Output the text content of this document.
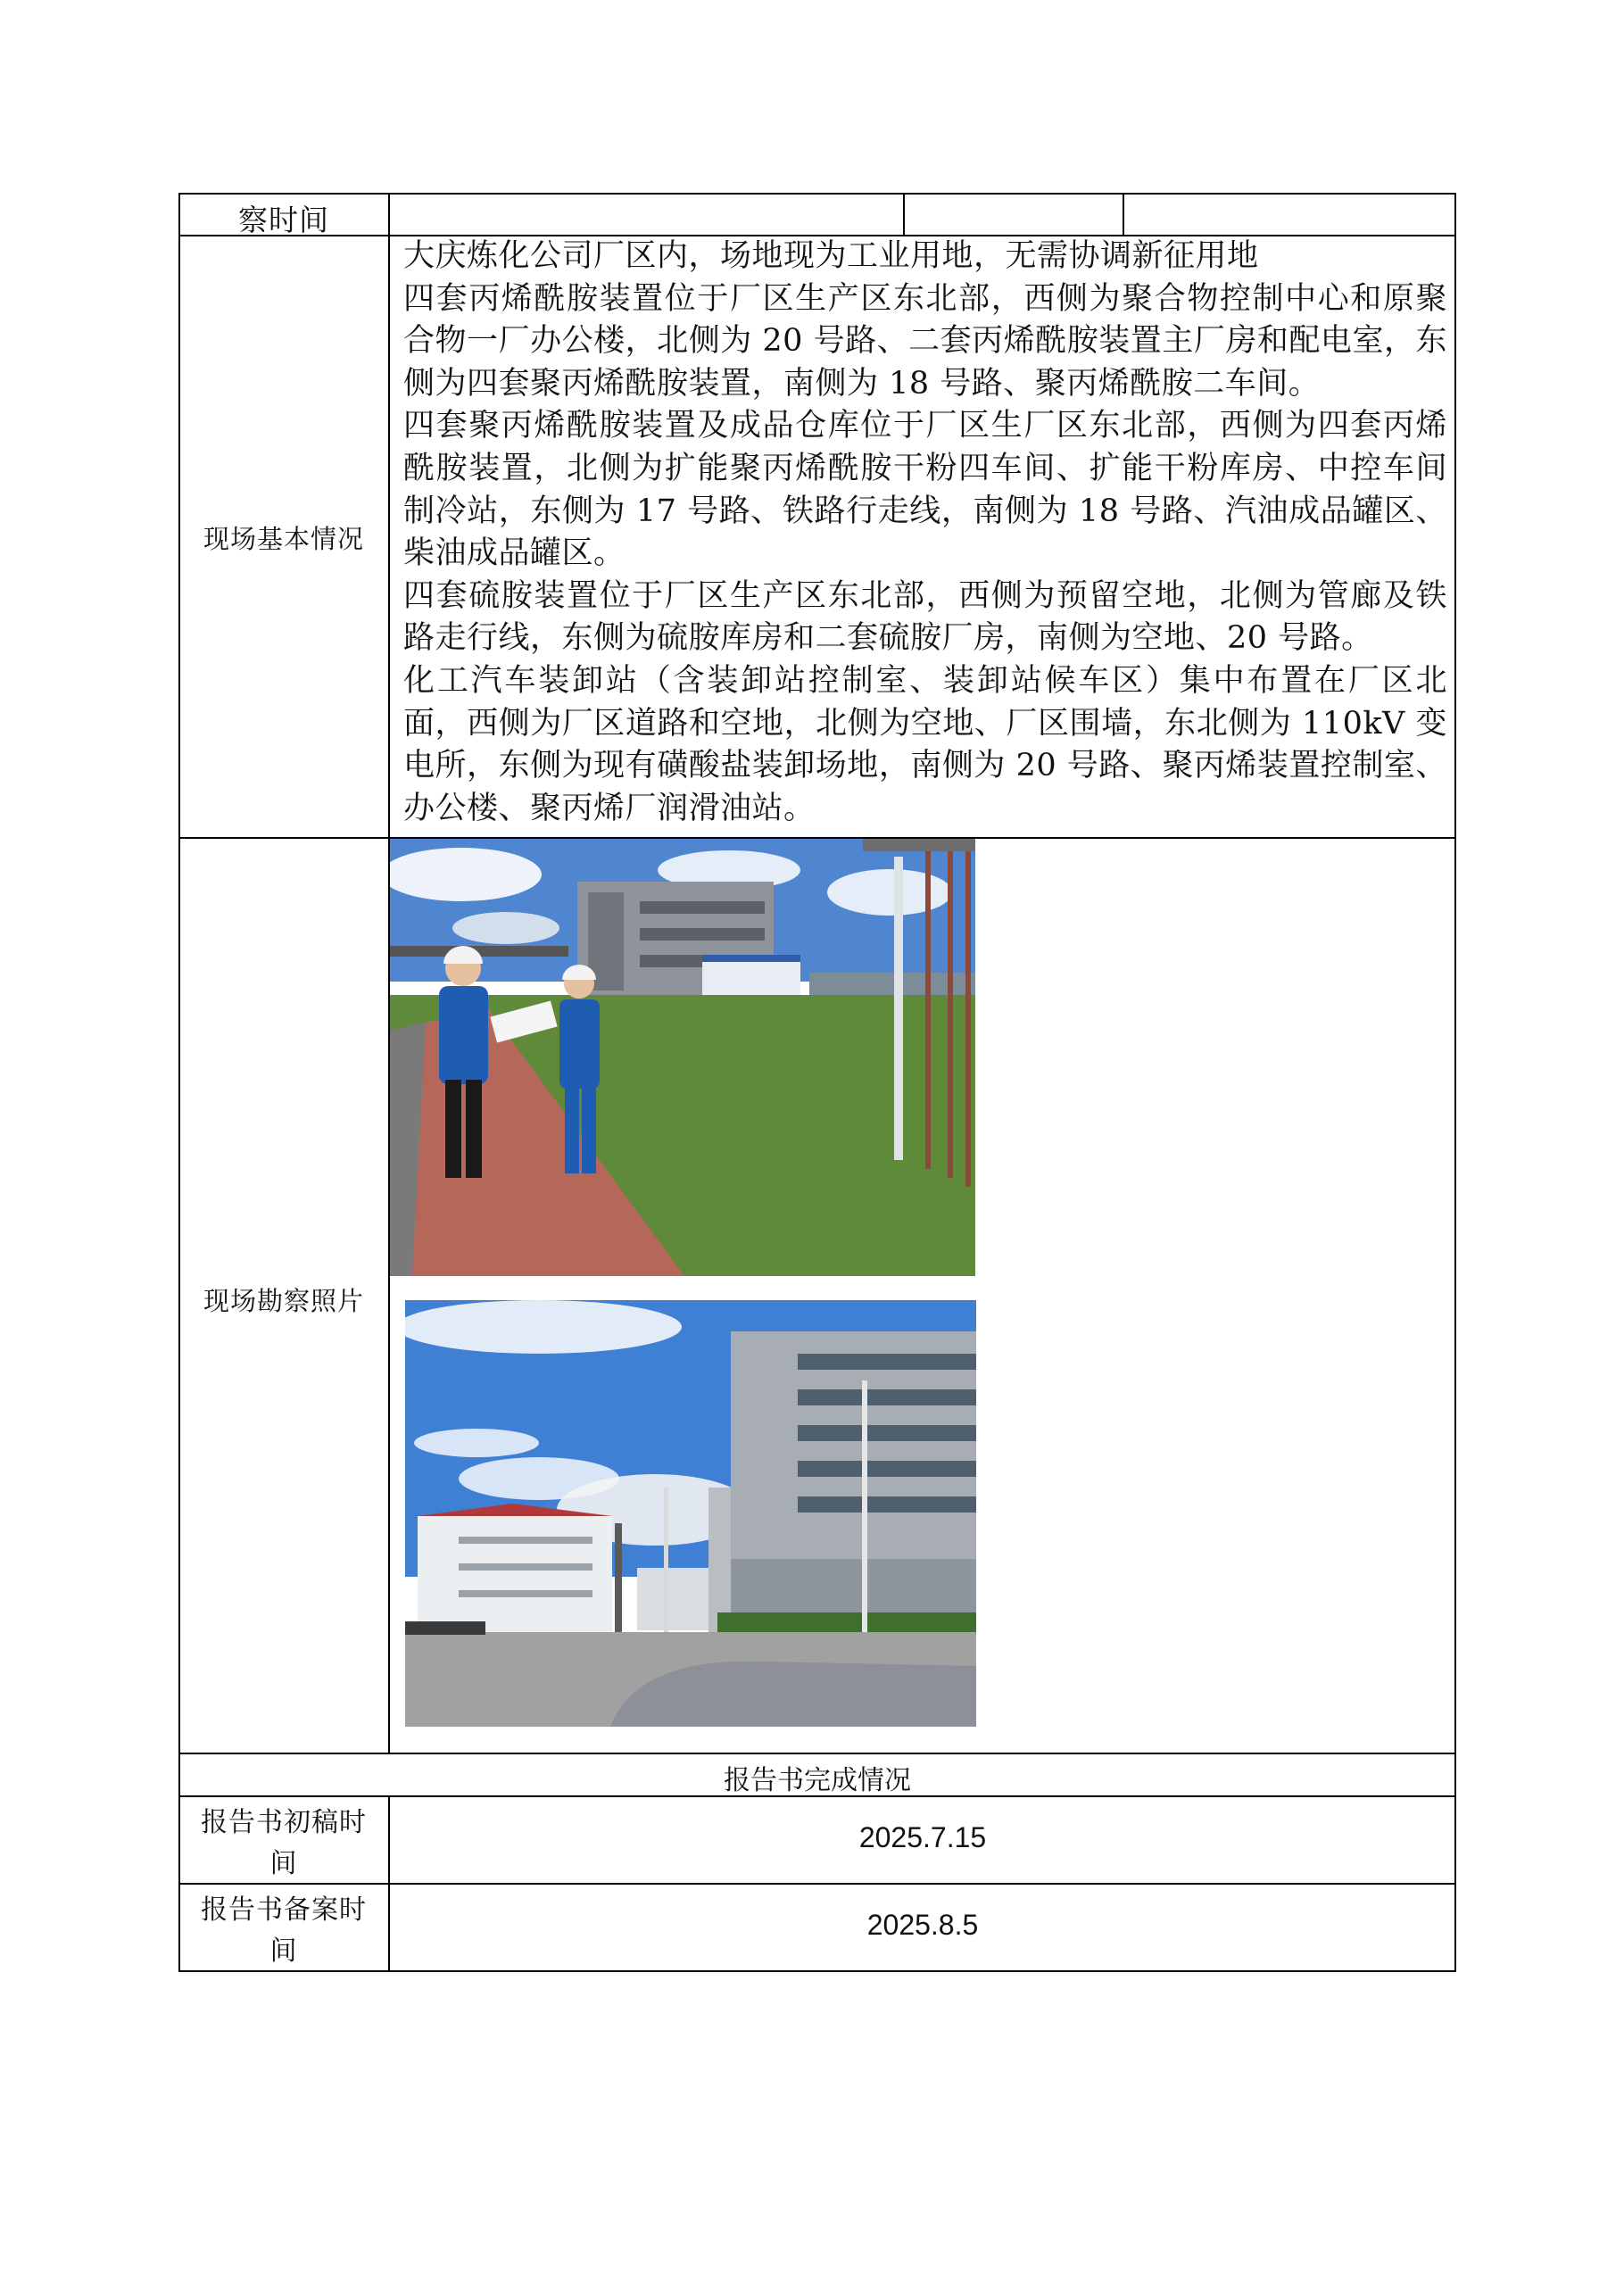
察时间
现场基本情况

大庆炼化公司厂区内，场地现为工业用地，无需协调新征用地

四套丙烯酰胺装置位于厂区生产区东北部，西侧为聚合物控制中心和原聚合物一厂办公楼，北侧为 20 号路、二套丙烯酰胺装置主厂房和配电室，东侧为四套聚丙烯酰胺装置，南侧为 18 号路、聚丙烯酰胺二车间。

四套聚丙烯酰胺装置及成品仓库位于厂区生厂区东北部，西侧为四套丙烯酰胺装置，北侧为扩能聚丙烯酰胺干粉四车间、扩能干粉库房、中控车间制冷站，东侧为 17 号路、铁路行走线，南侧为 18 号路、汽油成品罐区、柴油成品罐区。

四套硫胺装置位于厂区生产区东北部，西侧为预留空地，北侧为管廊及铁路走行线，东侧为硫胺库房和二套硫胺厂房，南侧为空地、20 号路。

化工汽车装卸站（含装卸站控制室、装卸站候车区）集中布置在厂区北面，西侧为厂区道路和空地，北侧为空地、厂区围墙，东北侧为 110kV 变电所，东侧为现有磺酸盐装卸场地，南侧为 20 号路、聚丙烯装置控制室、办公楼、聚丙烯厂润滑油站。

现场勘察照片
报告书完成情况
报告书初稿时间
2025.7.15
报告书备案时间
2025.8.5
